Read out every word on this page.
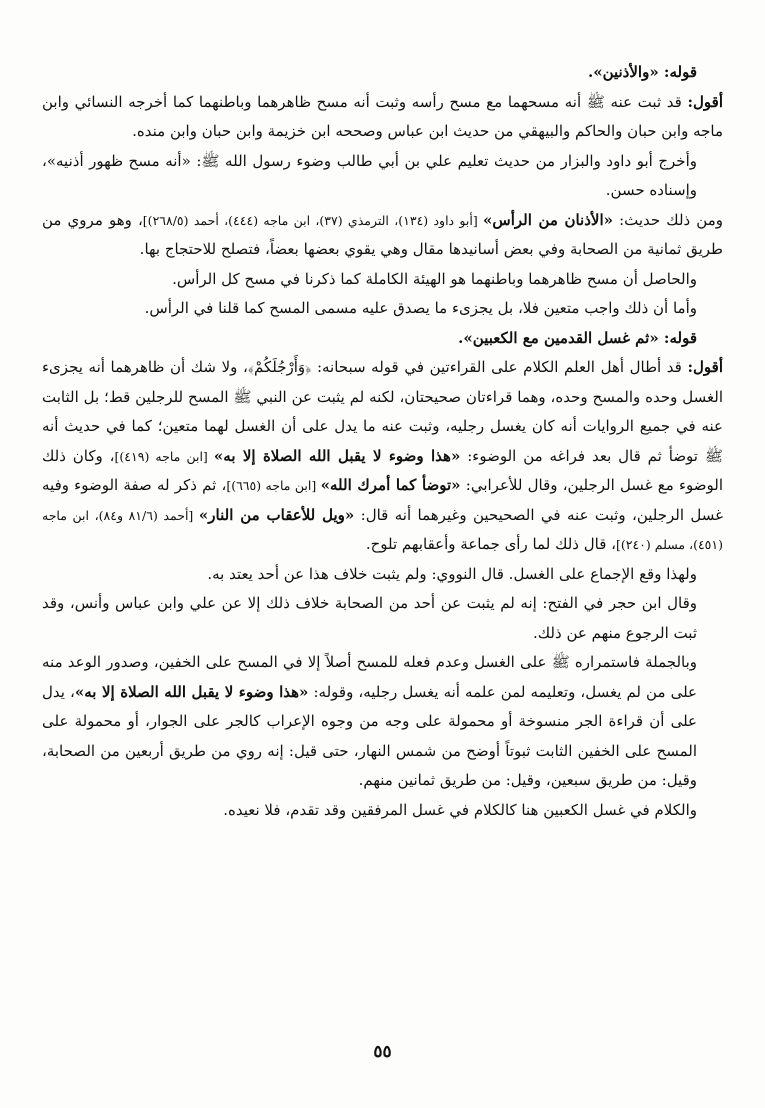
قوله: «والأذنين».

أقول: قد ثبت عنه ﷺ أنه مسحهما مع مسح رأسه وثبت أنه مسح ظاهرهما وباطنهما كما أخرجه النسائي وابن ماجه وابن حبان والحاكم والبيهقي من حديث ابن عباس وصححه ابن خزيمة وابن حبان وابن منده.

وأخرج أبو داود والبزار من حديث تعليم علي بن أبي طالب وضوء رسول الله ﷺ: «أنه مسح ظهور أذنيه»، وإسناده حسن.

ومن ذلك حديث: «الأذنان من الرأس» [أبو داود (١٣٤)، الترمذي (٣٧)، ابن ماجه (٤٤٤)، أحمد (٢٦٨/٥)]، وهو مروي من طريق ثمانية من الصحابة وفي بعض أسانيدها مقال وهي يقوي بعضها بعضاً، فتصلح للاحتجاج بها.

والحاصل أن مسح ظاهرهما وباطنهما هو الهيئة الكاملة كما ذكرنا في مسح كل الرأس.

وأما أن ذلك واجب متعين فلا، بل يجزىء ما يصدق عليه مسمى المسح كما قلنا في الرأس.

قوله: «ثم غسل القدمين مع الكعبين».

أقول: قد أطال أهل العلم الكلام على القراءتين في قوله سبحانه: ﴿وَأَرْجُلَكُمْ﴾، ولا شك أن ظاهرهما أنه يجزىء الغسل وحده والمسح وحده، وهما قراءتان صحيحتان، لكنه لم يثبت عن النبي ﷺ المسح للرجلين قط؛ بل الثابت عنه في جميع الروايات أنه كان يغسل رجليه، وثبت عنه ما يدل على أن الغسل لهما متعين؛ كما في حديث أنه ﷺ توضأ ثم قال بعد فراغه من الوضوء: «هذا وضوء لا يقبل الله الصلاة إلا به» [ابن ماجه (٤١٩)]، وكان ذلك الوضوء مع غسل الرجلين، وقال للأعرابي: «توضأ كما أمرك الله» [ابن ماجه (٦٦٥)]، ثم ذكر له صفة الوضوء وفيه غسل الرجلين، وثبت عنه في الصحيحين وغيرهما أنه قال: «ويل للأعقاب من النار» [أحمد (٨١/٦ و٨٤)، ابن ماجه (٤٥١)، مسلم (٢٤٠)]، قال ذلك لما رأى جماعة وأعقابهم تلوح.

ولهذا وقع الإجماع على الغسل. قال النووي: ولم يثبت خلاف هذا عن أحد يعتد به.

وقال ابن حجر في الفتح: إنه لم يثبت عن أحد من الصحابة خلاف ذلك إلا عن علي وابن عباس وأنس، وقد ثبت الرجوع منهم عن ذلك.

وبالجملة فاستمراره ﷺ على الغسل وعدم فعله للمسح أصلاً إلا في المسح على الخفين، وصدور الوعد منه على من لم يغسل، وتعليمه لمن علمه أنه يغسل رجليه، وقوله: «هذا وضوء لا يقبل الله الصلاة إلا به»، يدل على أن قراءة الجر منسوخة أو محمولة على وجه من وجوه الإعراب كالجر على الجوار، أو محمولة على المسح على الخفين الثابت ثبوتاً أوضح من شمس النهار، حتى قيل: إنه روي من طريق أربعين من الصحابة، وقيل: من طريق سبعين، وقيل: من طريق ثمانين منهم.

والكلام في غسل الكعبين هنا كالكلام في غسل المرفقين وقد تقدم، فلا نعيده.

٥٥
